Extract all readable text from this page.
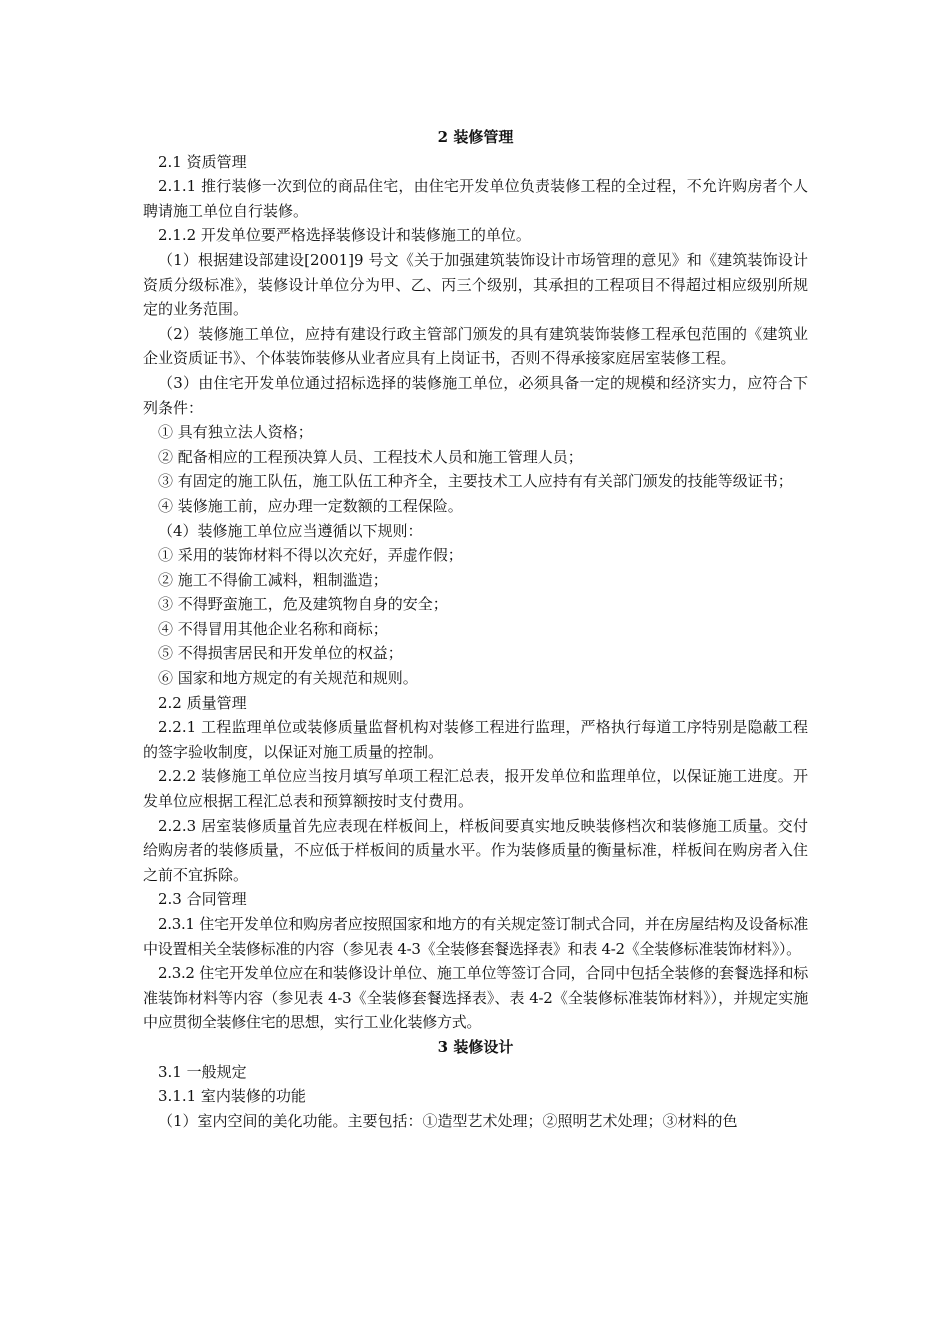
2 装修管理

2.1 资质管理

2.1.1 推行装修一次到位的商品住宅，由住宅开发单位负责装修工程的全过程，不允许购房者个人聘请施工单位自行装修。

2.1.2 开发单位要严格选择装修设计和装修施工的单位。

（1）根据建设部建设[2001]9 号文《关于加强建筑装饰设计市场管理的意见》和《建筑装饰设计资质分级标准》，装修设计单位分为甲、乙、丙三个级别，其承担的工程项目不得超过相应级别所规定的业务范围。

（2）装修施工单位，应持有建设行政主管部门颁发的具有建筑装饰装修工程承包范围的《建筑业企业资质证书》、个体装饰装修从业者应具有上岗证书，否则不得承接家庭居室装修工程。

（3）由住宅开发单位通过招标选择的装修施工单位，必须具备一定的规模和经济实力，应符合下列条件：

① 具有独立法人资格；

② 配备相应的工程预决算人员、工程技术人员和施工管理人员；

③ 有固定的施工队伍，施工队伍工种齐全，主要技术工人应持有有关部门颁发的技能等级证书；

④ 装修施工前，应办理一定数额的工程保险。

（4）装修施工单位应当遵循以下规则：

① 采用的装饰材料不得以次充好，弄虚作假；

② 施工不得偷工减料，粗制滥造；

③ 不得野蛮施工，危及建筑物自身的安全；

④ 不得冒用其他企业名称和商标；

⑤ 不得损害居民和开发单位的权益；

⑥ 国家和地方规定的有关规范和规则。

2.2 质量管理

2.2.1 工程监理单位或装修质量监督机构对装修工程进行监理，严格执行每道工序特别是隐蔽工程的签字验收制度，以保证对施工质量的控制。

2.2.2 装修施工单位应当按月填写单项工程汇总表，报开发单位和监理单位，以保证施工进度。开发单位应根据工程汇总表和预算额按时支付费用。

2.2.3 居室装修质量首先应表现在样板间上，样板间要真实地反映装修档次和装修施工质量。交付给购房者的装修质量，不应低于样板间的质量水平。作为装修质量的衡量标准，样板间在购房者入住之前不宜拆除。

2.3 合同管理

2.3.1 住宅开发单位和购房者应按照国家和地方的有关规定签订制式合同，并在房屋结构及设备标准中设置相关全装修标准的内容（参见表 4-3《全装修套餐选择表》和表 4-2《全装修标准装饰材料》）。

2.3.2 住宅开发单位应在和装修设计单位、施工单位等签订合同，合同中包括全装修的套餐选择和标准装饰材料等内容（参见表 4-3《全装修套餐选择表》、表 4-2《全装修标准装饰材料》），并规定实施中应贯彻全装修住宅的思想，实行工业化装修方式。

3 装修设计

3.1 一般规定

3.1.1 室内装修的功能

（1）室内空间的美化功能。主要包括：①造型艺术处理；②照明艺术处理；③材料的色
